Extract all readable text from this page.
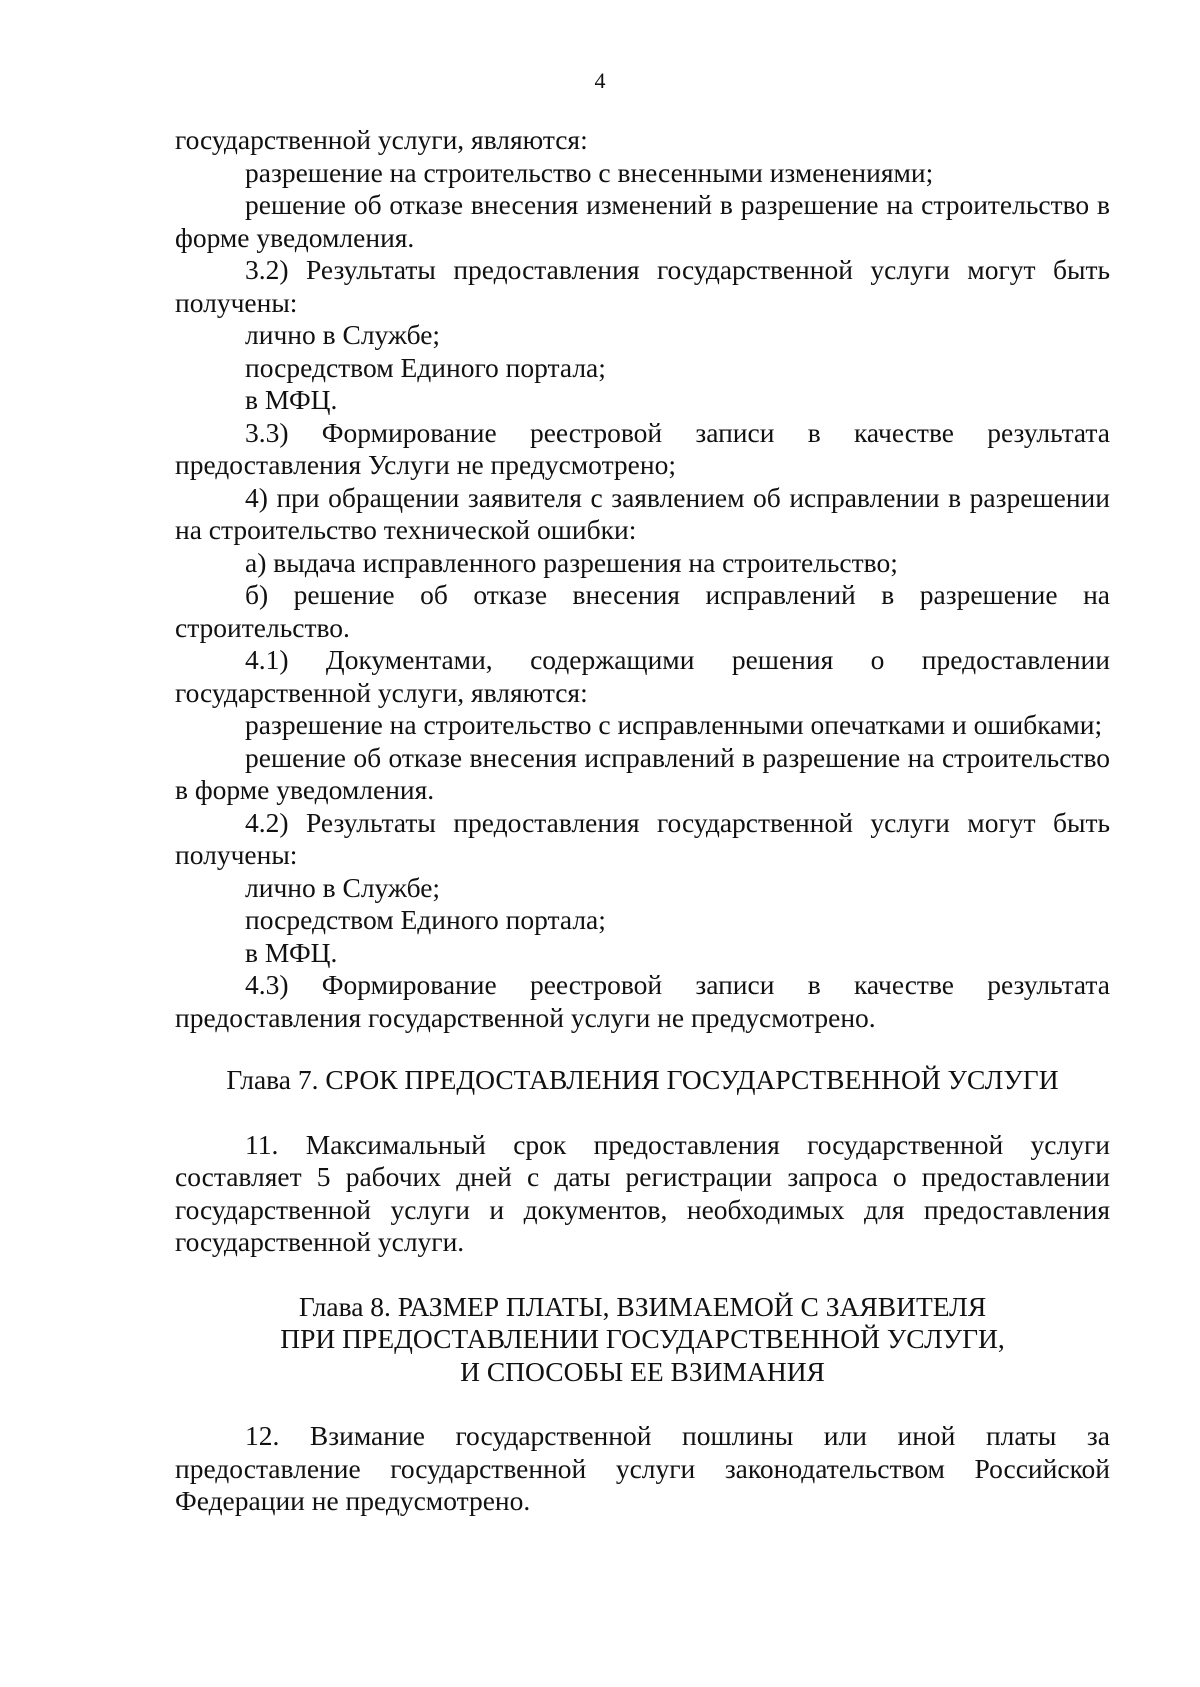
4

государственной услуги, являются:

разрешение на строительство с внесенными изменениями;

решение об отказе внесения изменений в разрешение на строительство в форме уведомления.

3.2) Результаты предоставления государственной услуги могут быть получены:

лично в Службе;

посредством Единого портала;

в МФЦ.

3.3) Формирование реестровой записи в качестве результата предоставления Услуги не предусмотрено;

4) при обращении заявителя с заявлением об исправлении в разрешении на строительство технической ошибки:

а) выдача исправленного разрешения на строительство;

б) решение об отказе внесения исправлений в разрешение на строительство.

4.1) Документами, содержащими решения о предоставлении государственной услуги, являются:

разрешение на строительство с исправленными опечатками и ошибками;

решение об отказе внесения исправлений в разрешение на строительство в форме уведомления.

4.2) Результаты предоставления государственной услуги могут быть получены:

лично в Службе;

посредством Единого портала;

в МФЦ.

4.3) Формирование реестровой записи в качестве результата предоставления государственной услуги не предусмотрено.

Глава 7. СРОК ПРЕДОСТАВЛЕНИЯ ГОСУДАРСТВЕННОЙ УСЛУГИ

11. Максимальный срок предоставления государственной услуги составляет 5 рабочих дней с даты регистрации запроса о предоставлении государственной услуги и документов, необходимых для предоставления государственной услуги.

Глава 8. РАЗМЕР ПЛАТЫ, ВЗИМАЕМОЙ С ЗАЯВИТЕЛЯ
ПРИ ПРЕДОСТАВЛЕНИИ ГОСУДАРСТВЕННОЙ УСЛУГИ,
И СПОСОБЫ ЕЕ ВЗИМАНИЯ

12. Взимание государственной пошлины или иной платы за предоставление государственной услуги законодательством Российской Федерации не предусмотрено.
